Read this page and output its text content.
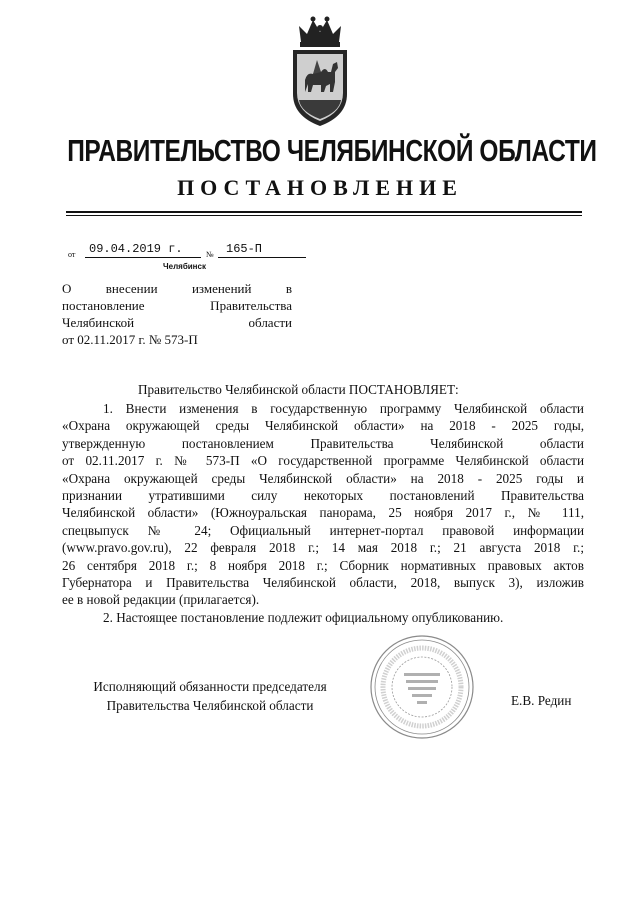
ПРАВИТЕЛЬСТВО ЧЕЛЯБИНСКОЙ ОБЛАСТИ
ПОСТАНОВЛЕНИЕ
от	09.04.2019 г.	№	165-П
Челябинск
О внесении изменений в
постановление Правительства
Челябинской области
от 02.11.2017 г. № 573-П
Правительство Челябинской области ПОСТАНОВЛЯЕТ:
1. Внести изменения в государственную программу Челябинской области
«Охрана окружающей среды Челябинской области» на 2018 - 2025 годы,
утвержденную постановлением Правительства Челябинской области
от 02.11.2017 г. № 573-П «О государственной программе Челябинской области
«Охрана окружающей среды Челябинской области» на 2018 - 2025 годы и
признании утратившими силу некоторых постановлений Правительства
Челябинской области» (Южноуральская панорама, 25 ноября 2017 г., № 111,
спецвыпуск № 24; Официальный интернет-портал правовой информации
(www.pravo.gov.ru), 22 февраля 2018 г.; 14 мая 2018 г.; 21 августа 2018 г.;
26 сентября 2018 г.; 8 ноября 2018 г.; Сборник нормативных правовых актов
Губернатора и Правительства Челябинской области, 2018, выпуск 3), изложив
ее в новой редакции (прилагается).
2. Настоящее постановление подлежит официальному опубликованию.
Исполняющий обязанности председателя
Правительства Челябинской области	Е.В. Редин
